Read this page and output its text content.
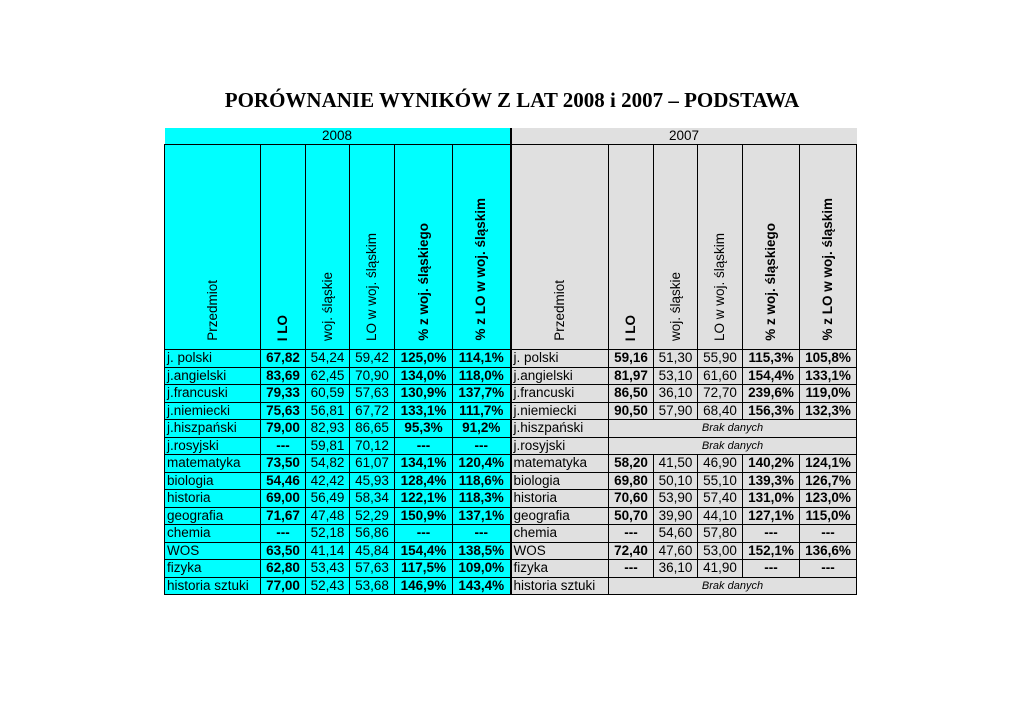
PORÓWNANIE WYNIKÓW Z LAT 2008 i 2007 – PODSTAWA
2008						2007					

Przedmiot	I LO	woj. śląskie	LO w woj. śląskim	% z woj. śląskiego	% z LO w woj. śląskim	Przedmiot	I LO	woj. śląskie	LO w woj. śląskim	% z woj. śląskiego	% z LO w woj. śląskim

j. polski	67,82	54,24	59,42	125,0%	114,1%	j. polski	59,16	51,30	55,90	115,3%	105,8%
j.angielski	83,69	62,45	70,90	134,0%	118,0%	j.angielski	81,97	53,10	61,60	154,4%	133,1%
j.francuski	79,33	60,59	57,63	130,9%	137,7%	j.francuski	86,50	36,10	72,70	239,6%	119,0%
j.niemiecki	75,63	56,81	67,72	133,1%	111,7%	j.niemiecki	90,50	57,90	68,40	156,3%	132,3%
j.hiszpański	79,00	82,93	86,65	95,3%	91,2%	j.hiszpański	Brak danych				
j.rosyjski	---	59,81	70,12	---	---	j.rosyjski	Brak danych				
matematyka	73,50	54,82	61,07	134,1%	120,4%	matematyka	58,20	41,50	46,90	140,2%	124,1%
biologia	54,46	42,42	45,93	128,4%	118,6%	biologia	69,80	50,10	55,10	139,3%	126,7%
historia	69,00	56,49	58,34	122,1%	118,3%	historia	70,60	53,90	57,40	131,0%	123,0%
geografia	71,67	47,48	52,29	150,9%	137,1%	geografia	50,70	39,90	44,10	127,1%	115,0%
chemia	---	52,18	56,86	---	---	chemia	---	54,60	57,80	---	---
WOS	63,50	41,14	45,84	154,4%	138,5%	WOS	72,40	47,60	53,00	152,1%	136,6%
fizyka	62,80	53,43	57,63	117,5%	109,0%	fizyka	---	36,10	41,90	---	---
historia sztuki	77,00	52,43	53,68	146,9%	143,4%	historia sztuki	Brak danych				
